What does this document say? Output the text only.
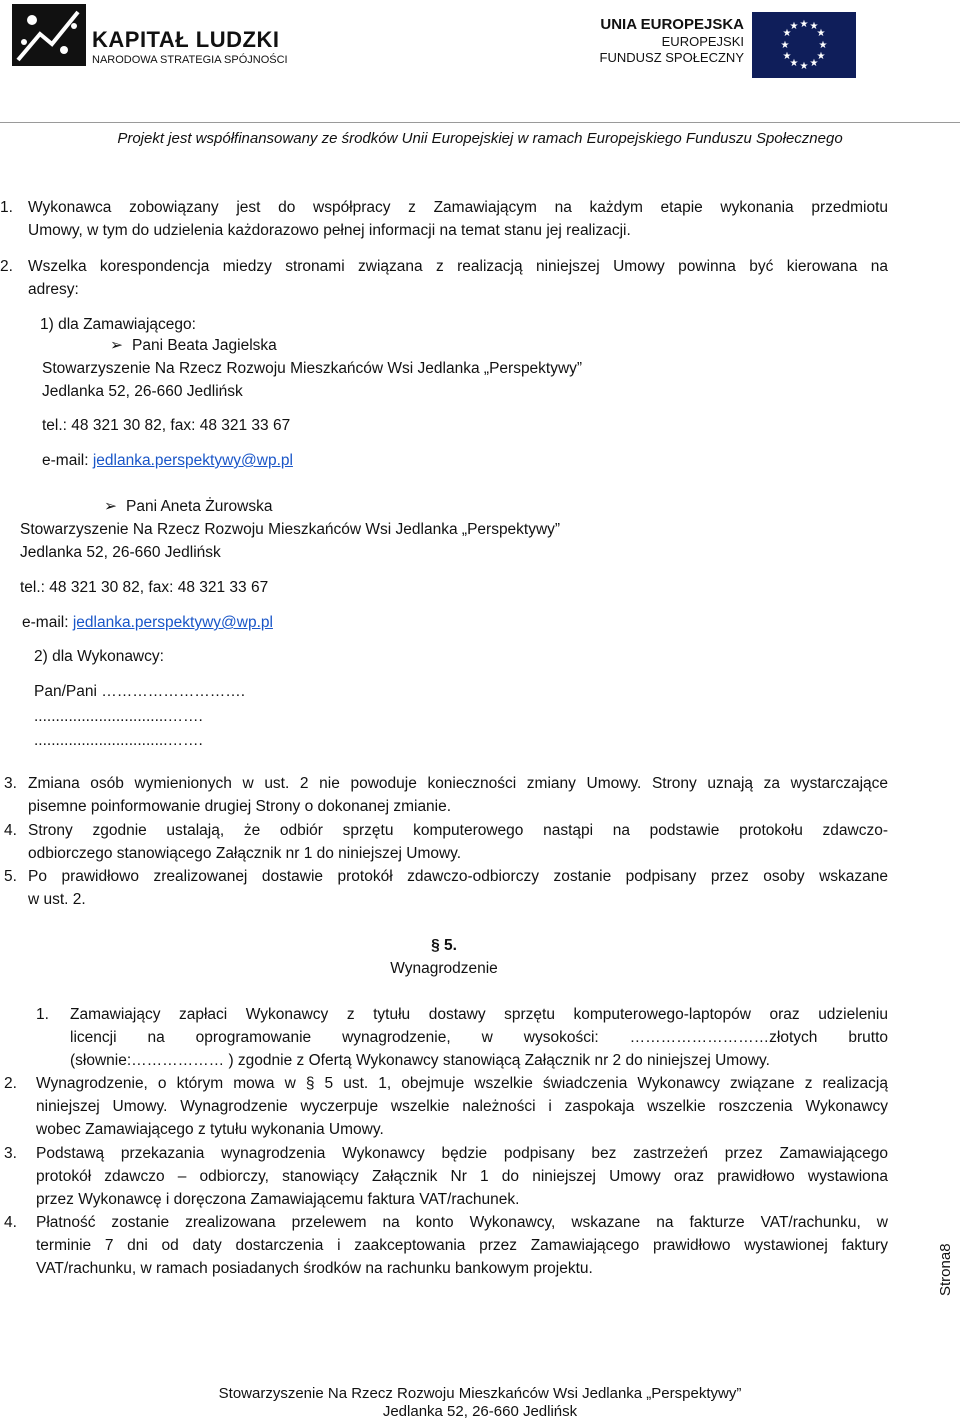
KAPITAŁ LUDZKI
NARODOWA STRATEGIA SPÓJNOŚCI
UNIA EUROPEJSKA
EUROPEJSKI
FUNDUSZ SPOŁECZNY
★ ★
★
★
★
★
★
★
★
★
★
★
Projekt jest współfinansowany ze środków Unii Europejskiej w ramach Europejskiego Funduszu Społecznego
1. Wykonawca zobowiązany jest do współpracy z Zamawiającym na każdym etapie wykonania przedmiotu
Umowy, w tym do udzielenia każdorazowo pełnej informacji na temat stanu jej realizacji.
2. Wszelka korespondencja miedzy stronami związana z realizacją niniejszej Umowy powinna być kierowana na
adresy:
1) dla Zamawiającego:
➢ Pani Beata Jagielska
Stowarzyszenie Na Rzecz Rozwoju Mieszkańców Wsi Jedlanka „Perspektywy”
Jedlanka 52, 26-660 Jedlińsk
tel.: 48 321 30 82, fax: 48 321 33 67
e-mail: jedlanka.perspektywy@wp.pl
➢ Pani Aneta Żurowska
Stowarzyszenie Na Rzecz Rozwoju Mieszkańców Wsi Jedlanka „Perspektywy”
Jedlanka 52, 26-660 Jedlińsk
tel.: 48 321 30 82, fax: 48 321 33 67
e-mail: jedlanka.perspektywy@wp.pl
2) dla Wykonawcy:
Pan/Pani ……………………….
...............................…….
...............................…….
3. Zmiana osób wymienionych w ust. 2 nie powoduje konieczności zmiany Umowy. Strony uznają za wystarczające
pisemne poinformowanie drugiej Strony o dokonanej zmianie.
4. Strony zgodnie ustalają, że odbiór sprzętu komputerowego nastąpi na podstawie protokołu zdawczo-
odbiorczego stanowiącego Załącznik nr 1 do niniejszej Umowy.
5. Po prawidłowo zrealizowanej dostawie protokół zdawczo-odbiorczy zostanie podpisany przez osoby wskazane
w ust. 2.
§ 5.
Wynagrodzenie
1. Zamawiający zapłaci Wykonawcy z tytułu dostawy sprzętu komputerowego-laptopów oraz udzieleniu
licencji na oprogramowanie wynagrodzenie, w wysokości: ………………………złotych brutto
(słownie:……………… ) zgodnie z Ofertą Wykonawcy stanowiącą Załącznik nr 2 do niniejszej Umowy.
2. Wynagrodzenie, o którym mowa w § 5 ust. 1, obejmuje wszelkie świadczenia Wykonawcy związane z realizacją
niniejszej Umowy. Wynagrodzenie wyczerpuje wszelkie należności i zaspokaja wszelkie roszczenia Wykonawcy
wobec Zamawiającego z tytułu wykonania Umowy.
3. Podstawą przekazania wynagrodzenia Wykonawcy będzie podpisany bez zastrzeżeń przez Zamawiającego
protokół zdawczo – odbiorczy, stanowiący Załącznik Nr 1 do niniejszej Umowy oraz prawidłowo wystawiona
przez Wykonawcę i doręczona Zamawiającemu faktura VAT/rachunek.
4. Płatność zostanie zrealizowana przelewem na konto Wykonawcy, wskazane na fakturze VAT/rachunku, w
terminie 7 dni od daty dostarczenia i zaakceptowania przez Zamawiającego prawidłowo wystawionej faktury
VAT/rachunku, w ramach posiadanych środków na rachunku bankowym projektu.	Strona8
Stowarzyszenie Na Rzecz Rozwoju Mieszkańców Wsi Jedlanka „Perspektywy”
Jedlanka 52, 26-660 Jedlińsk
